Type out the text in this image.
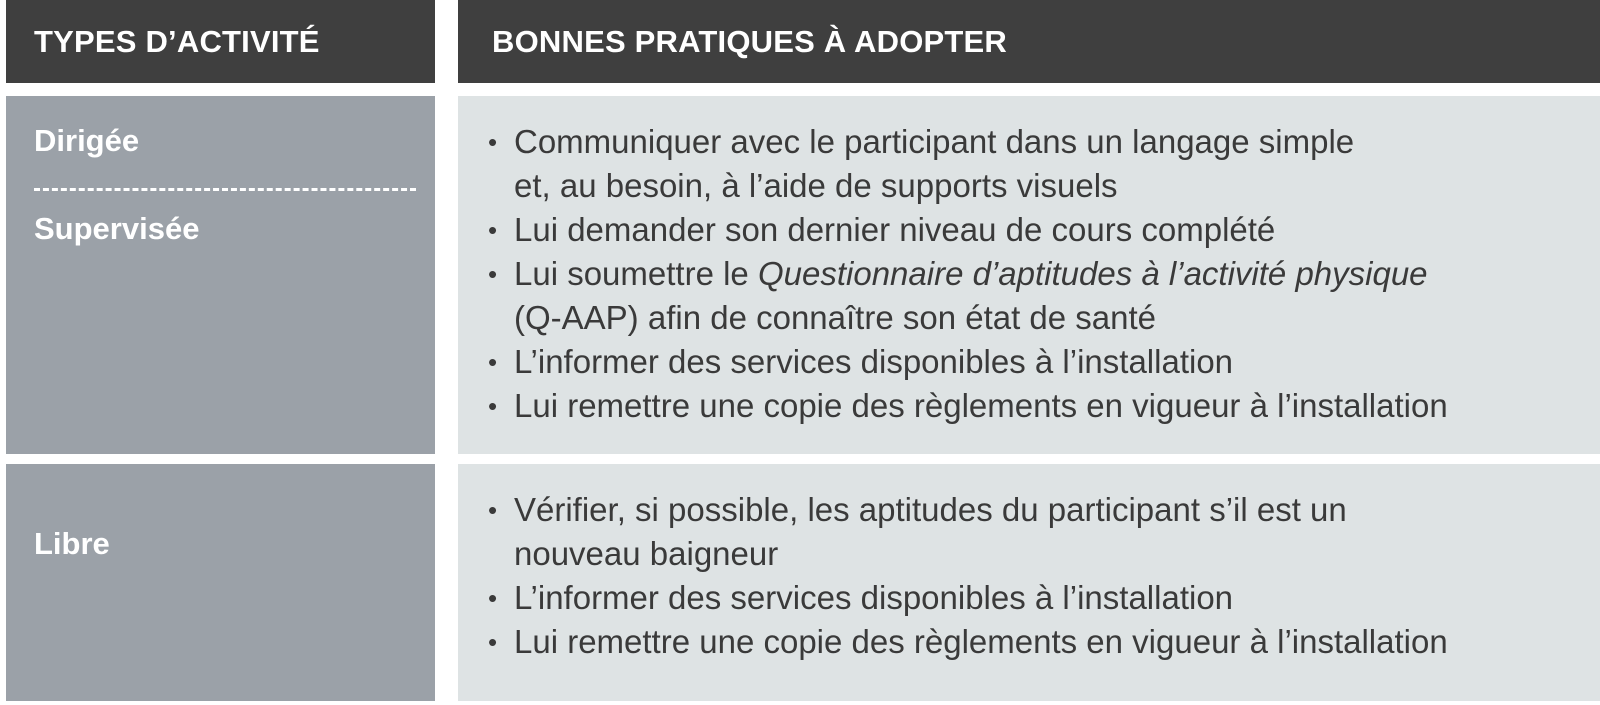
TYPES D’ACTIVITÉ	BONNES PRATIQUES À ADOPTER
Dirigée
Supervisée
• Communiquer avec le participant dans un langage simple
et, au besoin, à l’aide de supports visuels
• Lui demander son dernier niveau de cours complété
• Lui soumettre le Questionnaire d’aptitudes à l’activité physique
(Q-AAP) afin de connaître son état de santé
• L’informer des services disponibles à l’installation
• Lui remettre une copie des règlements en vigueur à l’installation
Libre
• Vérifier, si possible, les aptitudes du participant s’il est un
nouveau baigneur
• L’informer des services disponibles à l’installation
• Lui remettre une copie des règlements en vigueur à l’installation
